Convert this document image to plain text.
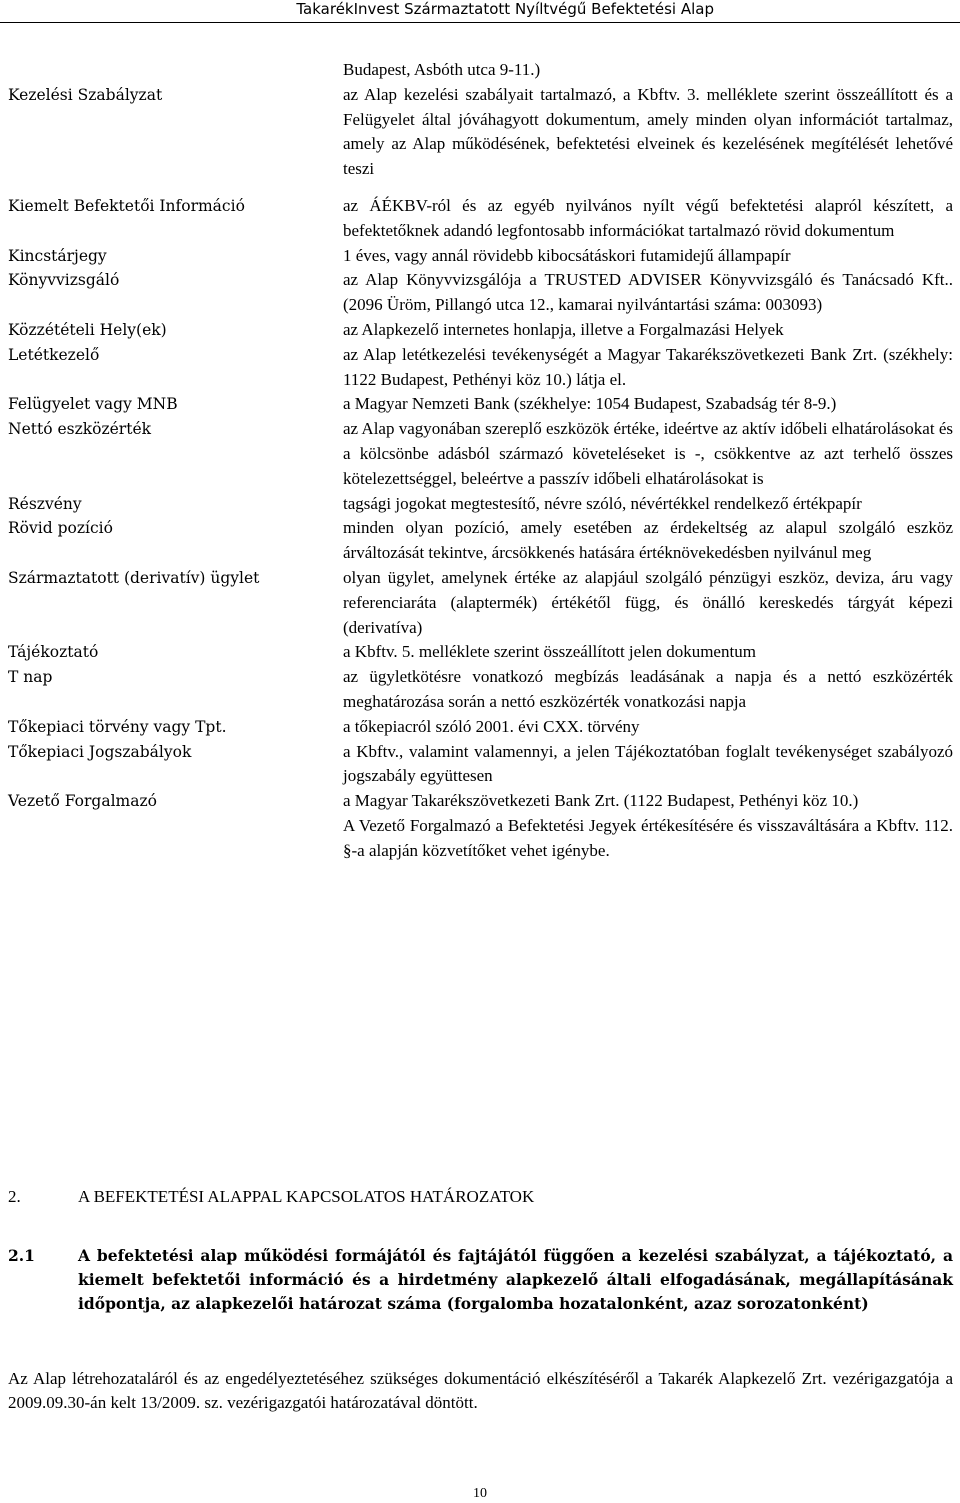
TakarékInvest Származtatott Nyíltvégű Befektetési Alap
Budapest, Asbóth utca 9-11.)
Kezelési Szabályzat	az Alap kezelési szabályait tartalmazó, a Kbftv. 3. melléklete szerint összeállított és a Felügyelet által jóváhagyott dokumentum, amely minden olyan információt tartalmaz, amely az Alap működésének, befektetési elveinek és kezelésének megítélését lehetővé teszi
Kiemelt Befektetői Információ	az ÁÉKBV-ról és az egyéb nyilvános nyílt végű befektetési alapról készített, a befektetőknek adandó legfontosabb információkat tartalmazó rövid dokumentum
Kincstárjegy	1 éves, vagy annál rövidebb kibocsátáskori futamidejű állampapír
Könyvvizsgáló	az Alap Könyvvizsgálója a TRUSTED ADVISER Könyvvizsgáló és Tanácsadó Kft.. (2096 Üröm, Pillangó utca 12., kamarai nyilvántartási száma: 003093)
Közzétételi Hely(ek)	az Alapkezelő internetes honlapja, illetve a Forgalmazási Helyek
Letétkezelő	az Alap letétkezelési tevékenységét a Magyar Takarékszövetkezeti Bank Zrt. (székhely: 1122 Budapest, Pethényi köz 10.) látja el.
Felügyelet vagy MNB	a Magyar Nemzeti Bank (székhelye: 1054 Budapest, Szabadság tér 8-9.)
Nettó eszközérték	az Alap vagyonában szereplő eszközök értéke, ideértve az aktív időbeli elhatárolásokat és a kölcsönbe adásból származó követeléseket is -, csökkentve az azt terhelő összes kötelezettséggel, beleértve a passzív időbeli elhatárolásokat is
Részvény	tagsági jogokat megtestesítő, névre szóló, névértékkel rendelkező értékpapír
Rövid pozíció	minden olyan pozíció, amely esetében az érdekeltség az alapul szolgáló eszköz árváltozását tekintve, árcsökkenés hatására értéknövekedésben nyilvánul meg
Származtatott (derivatív) ügylet	olyan ügylet, amelynek értéke az alapjául szolgáló pénzügyi eszköz, deviza, áru vagy referenciaráta (alaptermék) értékétől függ, és önálló kereskedés tárgyát képezi (derivatíva)
Tájékoztató	a Kbftv. 5. melléklete szerint összeállított jelen dokumentum
T nap	az ügyletkötésre vonatkozó megbízás leadásának a napja és a nettó eszközérték meghatározása során a nettó eszközérték vonatkozási napja
Tőkepiaci törvény vagy Tpt.	a tőkepiacról szóló 2001. évi CXX. törvény
Tőkepiaci Jogszabályok	a Kbftv., valamint valamennyi, a jelen Tájékoztatóban foglalt tevékenységet szabályozó jogszabály együttesen
Vezető Forgalmazó	a Magyar Takarékszövetkezeti Bank Zrt. (1122 Budapest, Pethényi köz 10.)
A Vezető Forgalmazó a Befektetési Jegyek értékesítésére és visszaváltására a Kbftv. 112. §-a alapján közvetítőket vehet igénybe.
2.	A BEFEKTETÉSI ALAPPAL KAPCSOLATOS HATÁROZATOK
2.1	A befektetési alap működési formájától és fajtájától függően a kezelési szabályzat, a tájékoztató, a kiemelt befektetői információ és a hirdetmény alapkezelő általi elfogadásának, megállapításának időpontja, az alapkezelői határozat száma (forgalomba hozatalonként, azaz sorozatonként)
Az Alap létrehozataláról és az engedélyeztetéséhez szükséges dokumentáció elkészítéséről a Takarék Alapkezelő Zrt. vezérigazgatója a 2009.09.30-án kelt 13/2009. sz. vezérigazgatói határozatával döntött.
10
